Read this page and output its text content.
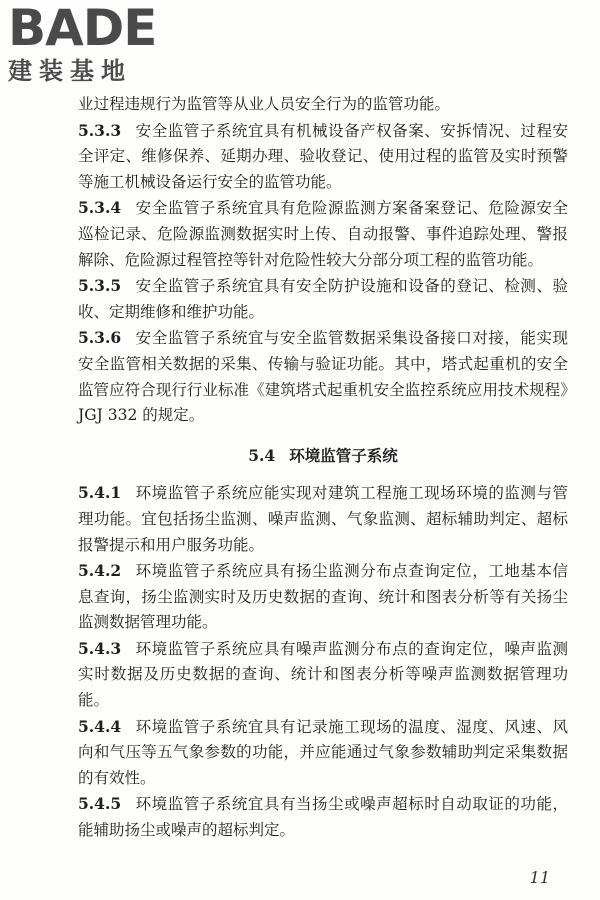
BADE
建装基地

业过程违规行为监管等从业人员安全行为的监管功能。

5.3.3 安全监管子系统宜具有机械设备产权备案、安拆情况、过程安全评定、维修保养、延期办理、验收登记、使用过程的监管及实时预警等施工机械设备运行安全的监管功能。

5.3.4 安全监管子系统宜具有危险源监测方案备案登记、危险源安全巡检记录、危险源监测数据实时上传、自动报警、事件追踪处理、警报解除、危险源过程管控等针对危险性较大分部分项工程的监管功能。

5.3.5 安全监管子系统宜具有安全防护设施和设备的登记、检测、验收、定期维修和维护功能。

5.3.6 安全监管子系统宜与安全监管数据采集设备接口对接，能实现安全监管相关数据的采集、传输与验证功能。其中，塔式起重机的安全监管应符合现行行业标准《建筑塔式起重机安全监控系统应用技术规程》JGJ 332 的规定。

5.4 环境监管子系统

5.4.1 环境监管子系统应能实现对建筑工程施工现场环境的监测与管理功能。宜包括扬尘监测、噪声监测、气象监测、超标辅助判定、超标报警提示和用户服务功能。

5.4.2 环境监管子系统应具有扬尘监测分布点查询定位，工地基本信息查询，扬尘监测实时及历史数据的查询、统计和图表分析等有关扬尘监测数据管理功能。

5.4.3 环境监管子系统应具有噪声监测分布点的查询定位，噪声监测实时数据及历史数据的查询、统计和图表分析等噪声监测数据管理功能。

5.4.4 环境监管子系统宜具有记录施工现场的温度、湿度、风速、风向和气压等五气象参数的功能，并应能通过气象参数辅助判定采集数据的有效性。

5.4.5 环境监管子系统宜具有当扬尘或噪声超标时自动取证的功能，能辅助扬尘或噪声的超标判定。

11
